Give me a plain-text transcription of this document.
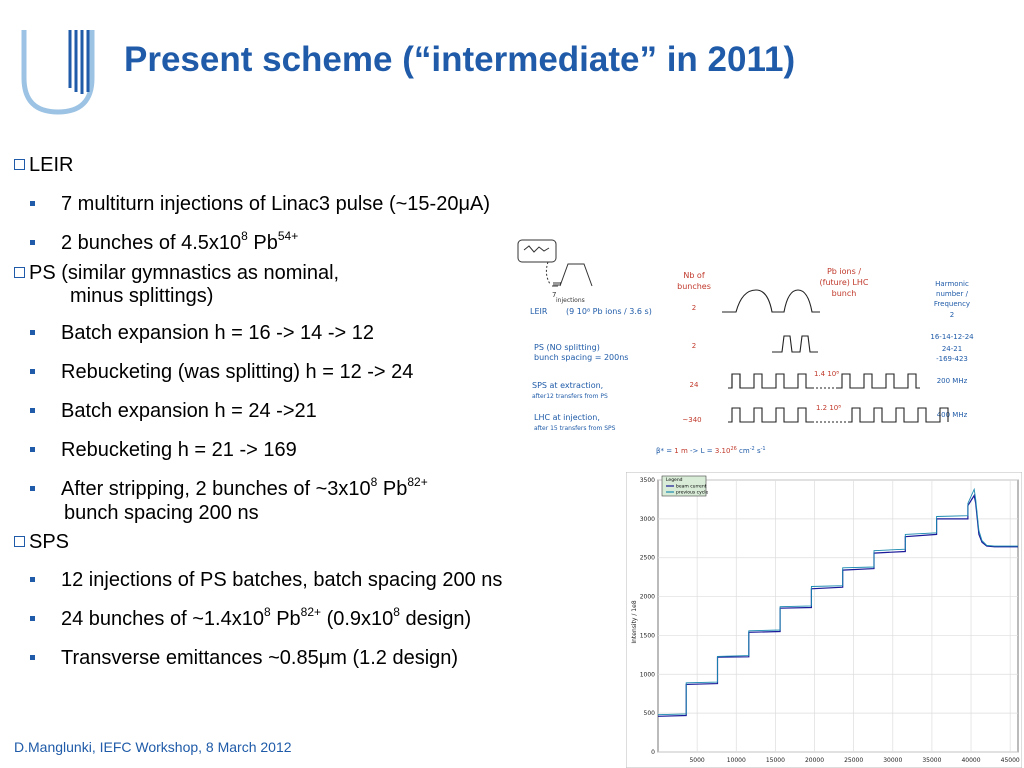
Present scheme (“intermediate” in 2011)
LEIR
7 multiturn injections of Linac3 pulse (~15-20μA)
2 bunches of $4.5x10^8$ $Pb^{54+}$
PS (similar gymnastics as nominal,
minus splittings)
Batch expansion h = 16 -> 14 -> 12
Rebucketing (was splitting) h = 12 -> 24
Batch expansion h = 24 ->21
Rebucketing h = 21 -> 169
After stripping, 2 bunches of $\sim 3x10^8$ $Pb^{82+}$
bunch spacing 200 ns
SPS
12 injections of PS batches, batch spacing 200 ns
24 bunches of $\sim 1.4x10^8$ $Pb^{82+}$ ($0.9x10^8$ design)
Transverse emittances ~0.85μm (1.2 design)
D.Manglunki, IEFC Workshop, 8 March 2012
7
injections
Nb of
bunches
Pb ions /
(future) LHC
bunch
Harmonic
number /
Frequency
LEIR (9 10⁸ Pb ions / 3.6 s)
PS (NO splitting)
bunch spacing = 200ns
SPS at extraction,
LHC at injection,
after12 transfers from PS
after 15 transfers from SPS
2
2
24
~340
2
16-14-12-24
24-21
-169-423
200 MHz
400 MHz
1.4 10⁸
1.2 10⁸
β* = 1 $m -> L = 3.10^{26}$ $cm^{-2}$ $s^{-1}$
3500
3000
2500
2000
1500
1000
500
0
5000	10000	15000	20000	25000	30000	35000	40000	45000
Intensity / 1e8
Legend
beam current
previous cycle
